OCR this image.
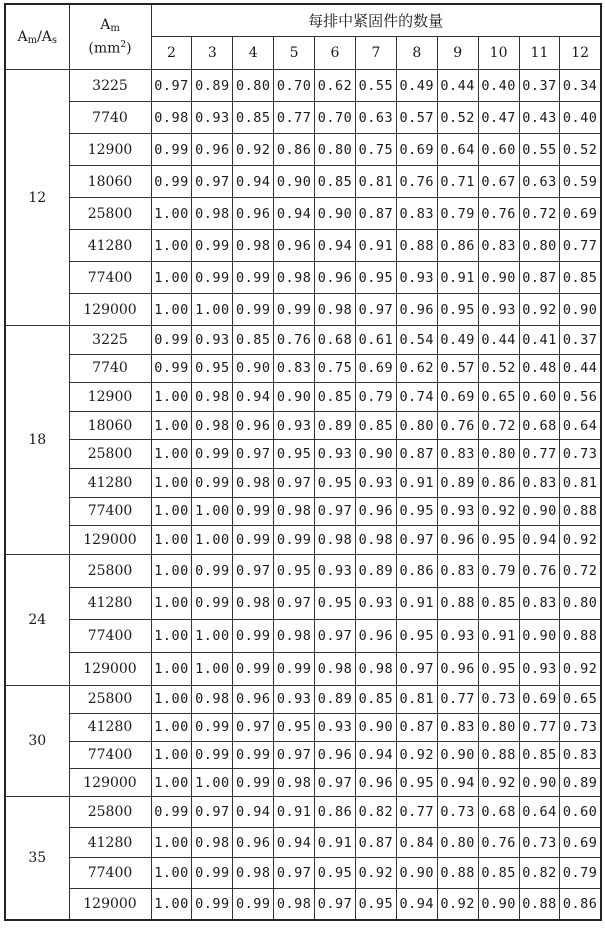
$A_m/A_s$	$A_m$
$(mm^2)$	每排中紧固件的数量										
		2	3	4	5	6	7	8	9	10	11	12
12	3225	0.97	0.89	0.80	0.70	0.62	0.55	0.49	0.44	0.40	0.37	0.34
	7740	0.98	0.93	0.85	0.77	0.70	0.63	0.57	0.52	0.47	0.43	0.40
	12900	0.99	0.96	0.92	0.86	0.80	0.75	0.69	0.64	0.60	0.55	0.52
	18060	0.99	0.97	0.94	0.90	0.85	0.81	0.76	0.71	0.67	0.63	0.59
	25800	1.00	0.98	0.96	0.94	0.90	0.87	0.83	0.79	0.76	0.72	0.69
	41280	1.00	0.99	0.98	0.96	0.94	0.91	0.88	0.86	0.83	0.80	0.77
	77400	1.00	0.99	0.99	0.98	0.96	0.95	0.93	0.91	0.90	0.87	0.85
	129000	1.00	1.00	0.99	0.99	0.98	0.97	0.96	0.95	0.93	0.92	0.90
18	3225	0.99	0.93	0.85	0.76	0.68	0.61	0.54	0.49	0.44	0.41	0.37
	7740	0.99	0.95	0.90	0.83	0.75	0.69	0.62	0.57	0.52	0.48	0.44
	12900	1.00	0.98	0.94	0.90	0.85	0.79	0.74	0.69	0.65	0.60	0.56
	18060	1.00	0.98	0.96	0.93	0.89	0.85	0.80	0.76	0.72	0.68	0.64
	25800	1.00	0.99	0.97	0.95	0.93	0.90	0.87	0.83	0.80	0.77	0.73
	41280	1.00	0.99	0.98	0.97	0.95	0.93	0.91	0.89	0.86	0.83	0.81
	77400	1.00	1.00	0.99	0.98	0.97	0.96	0.95	0.93	0.92	0.90	0.88
	129000	1.00	1.00	0.99	0.99	0.98	0.98	0.97	0.96	0.95	0.94	0.92
24	25800	1.00	0.99	0.97	0.95	0.93	0.89	0.86	0.83	0.79	0.76	0.72
	41280	1.00	0.99	0.98	0.97	0.95	0.93	0.91	0.88	0.85	0.83	0.80
	77400	1.00	1.00	0.99	0.98	0.97	0.96	0.95	0.93	0.91	0.90	0.88
	129000	1.00	1.00	0.99	0.99	0.98	0.98	0.97	0.96	0.95	0.93	0.92
30	25800	1.00	0.98	0.96	0.93	0.89	0.85	0.81	0.77	0.73	0.69	0.65
	41280	1.00	0.99	0.97	0.95	0.93	0.90	0.87	0.83	0.80	0.77	0.73
	77400	1.00	0.99	0.99	0.97	0.96	0.94	0.92	0.90	0.88	0.85	0.83
	129000	1.00	1.00	0.99	0.98	0.97	0.96	0.95	0.94	0.92	0.90	0.89
35	25800	0.99	0.97	0.94	0.91	0.86	0.82	0.77	0.73	0.68	0.64	0.60
	41280	1.00	0.98	0.96	0.94	0.91	0.87	0.84	0.80	0.76	0.73	0.69
	77400	1.00	0.99	0.98	0.97	0.95	0.92	0.90	0.88	0.85	0.82	0.79
	129000	1.00	0.99	0.99	0.98	0.97	0.95	0.94	0.92	0.90	0.88	0.86
